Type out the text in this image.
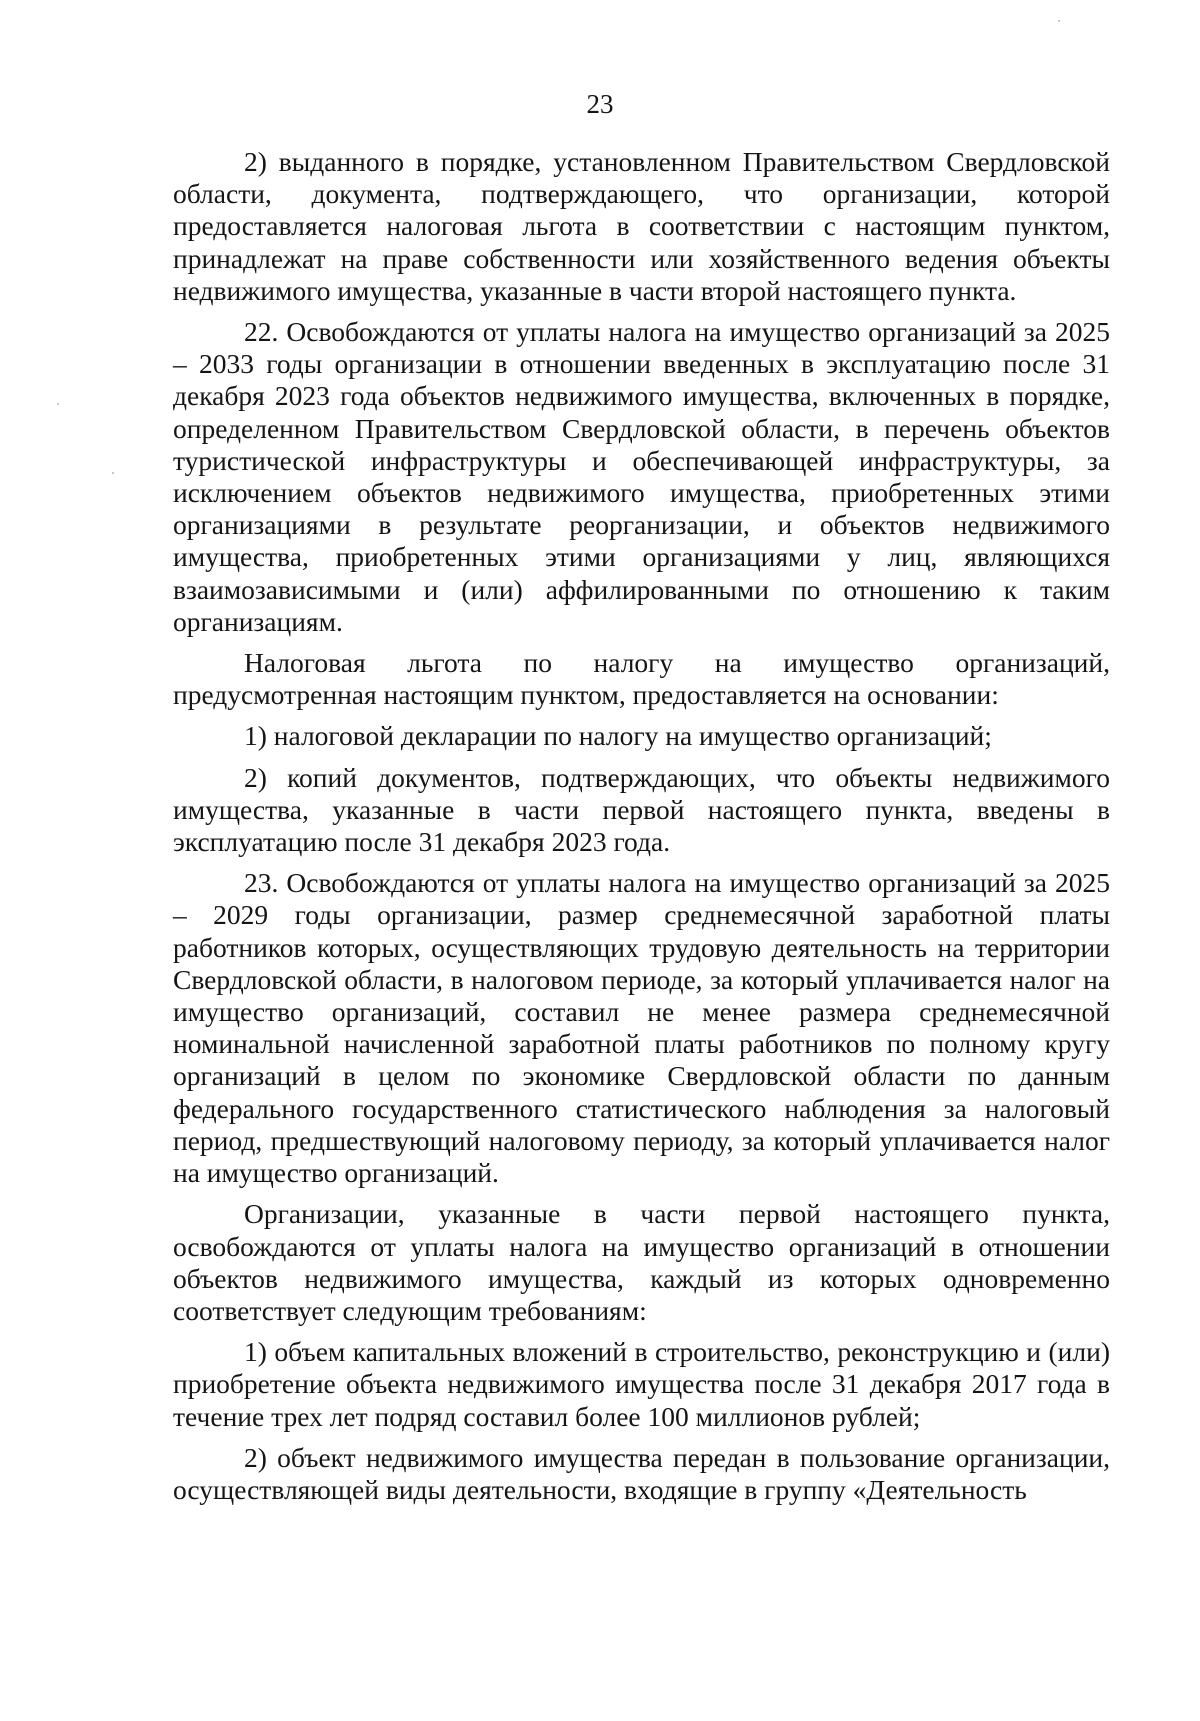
23

2) выданного в порядке, установленном Правительством Свердловской области, документа, подтверждающего, что организации, которой предоставляется налоговая льгота в соответствии с настоящим пунктом, принадлежат на праве собственности или хозяйственного ведения объекты недвижимого имущества, указанные в части второй настоящего пункта.

22. Освобождаются от уплаты налога на имущество организаций за 2025 – 2033 годы организации в отношении введенных в эксплуатацию после 31 декабря 2023 года объектов недвижимого имущества, включенных в порядке, определенном Правительством Свердловской области, в перечень объектов туристической инфраструктуры и обеспечивающей инфраструктуры, за исключением объектов недвижимого имущества, приобретенных этими организациями в результате реорганизации, и объектов недвижимого имущества, приобретенных этими организациями у лиц, являющихся взаимозависимыми и (или) аффилированными по отношению к таким организациям.

Налоговая льгота по налогу на имущество организаций, предусмотренная настоящим пунктом, предоставляется на основании:

1) налоговой декларации по налогу на имущество организаций;

2) копий документов, подтверждающих, что объекты недвижимого имущества, указанные в части первой настоящего пункта, введены в эксплуатацию после 31 декабря 2023 года.

23. Освобождаются от уплаты налога на имущество организаций за 2025 – 2029 годы организации, размер среднемесячной заработной платы работников которых, осуществляющих трудовую деятельность на территории Свердловской области, в налоговом периоде, за который уплачивается налог на имущество организаций, составил не менее размера среднемесячной номинальной начисленной заработной платы работников по полному кругу организаций в целом по экономике Свердловской области по данным федерального государственного статистического наблюдения за налоговый период, предшествующий налоговому периоду, за который уплачивается налог на имущество организаций.

Организации, указанные в части первой настоящего пункта, освобождаются от уплаты налога на имущество организаций в отношении объектов недвижимого имущества, каждый из которых одновременно соответствует следующим требованиям:

1) объем капитальных вложений в строительство, реконструкцию и (или) приобретение объекта недвижимого имущества после 31 декабря 2017 года в течение трех лет подряд составил более 100 миллионов рублей;

2) объект недвижимого имущества передан в пользование организации, осуществляющей виды деятельности, входящие в группу «Деятельность
